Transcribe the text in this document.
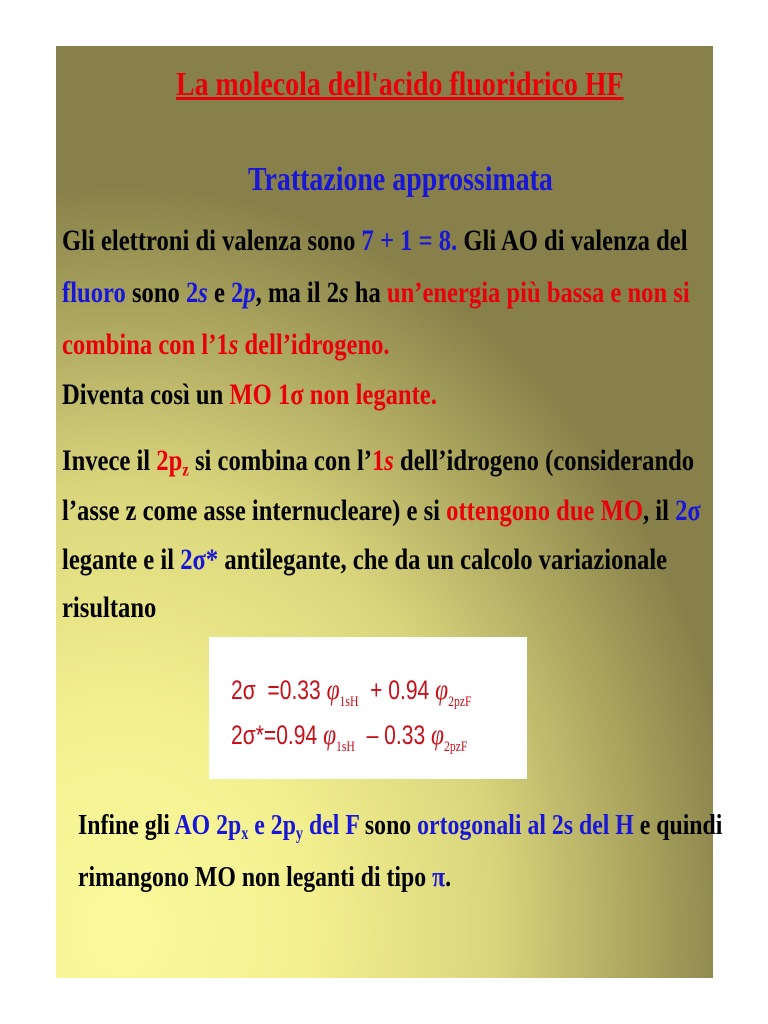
La molecola dell'acido fluoridrico HF
Trattazione approssimata
Gli elettroni di valenza sono 7 + 1 = 8. Gli AO di valenza del
fluoro sono 2s e 2p, ma il 2s ha un’energia più bassa e non si
combina con l’1s dell’idrogeno.
Diventa così un MO 1σ non legante.
Invece il $2p_z$ si combina con l’1s dell’idrogeno (considerando
l’asse z come asse internucleare) e si ottengono due MO, il 2σ
legante e il 2σ* antilegante, che da un calcolo variazionale
risultano
2σ =0.33 $\varphi_{1sH} + 0.94$ $\varphi_{2pzF}$
2σ*=0.94 $\varphi_{1sH} - 0.33$ $\varphi_{2pzF}$
Infine gli AO $2p_x$ e $2p_y$ del F sono ortogonali al 2s del H e quindi
rimangono MO non leganti di tipo π.
